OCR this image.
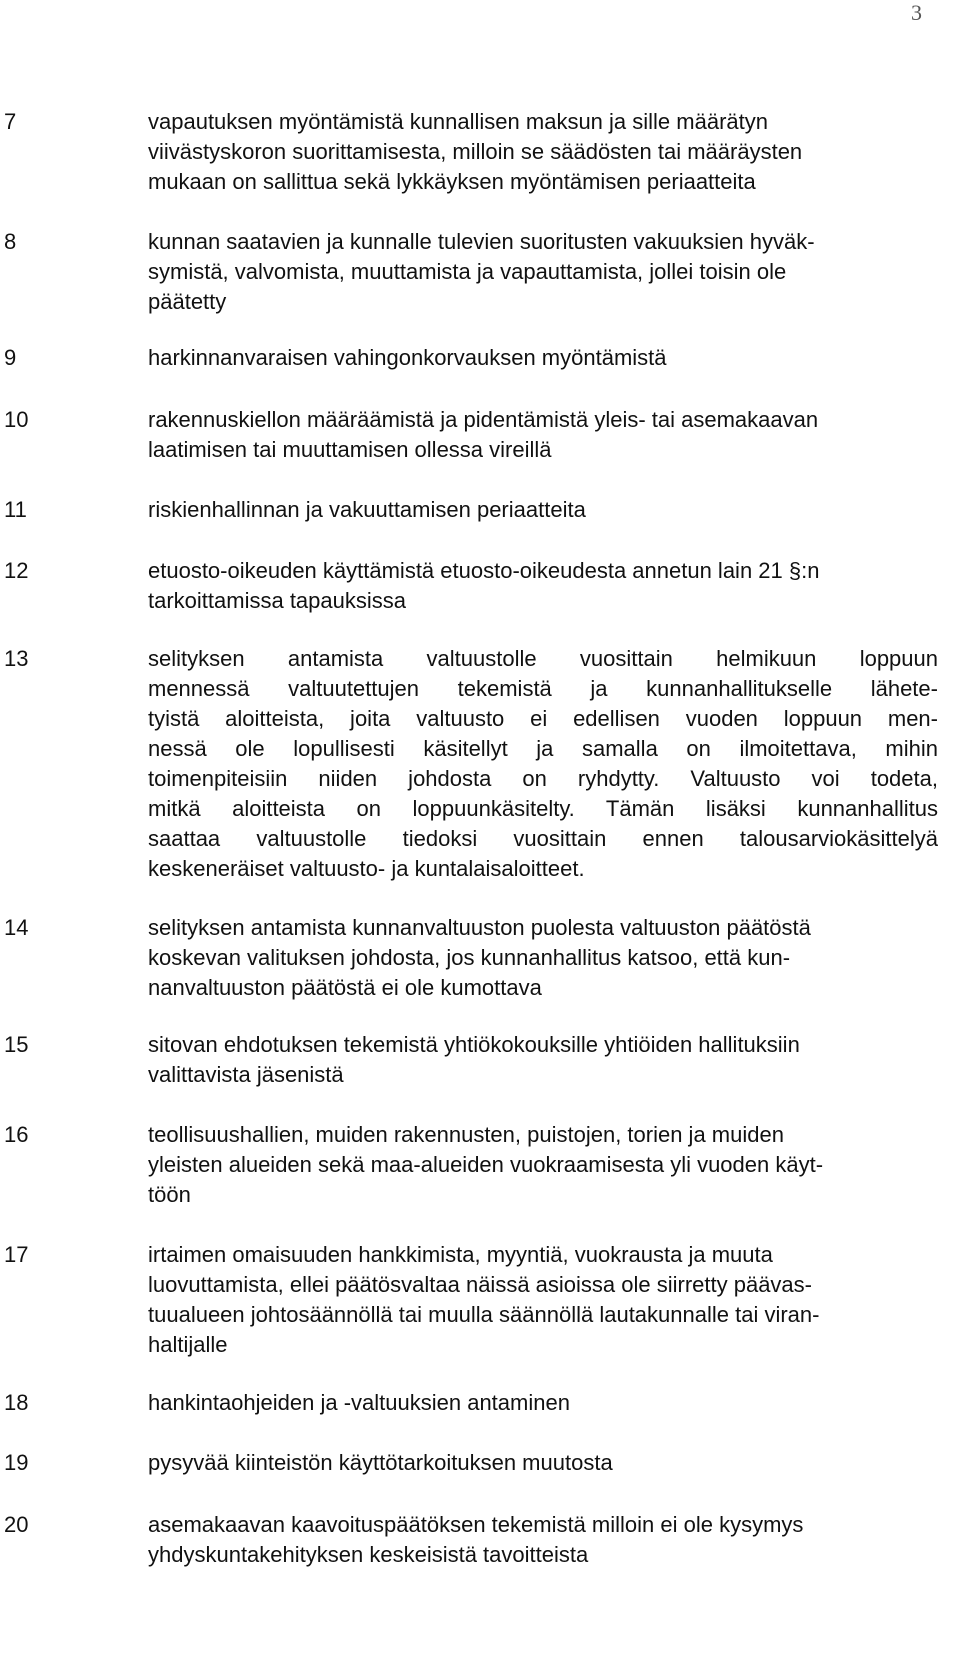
3
7	vapautuksen myöntämistä kunnallisen maksun ja sille määrätyn
viivästyskoron suorittamisesta, milloin se säädösten tai määräysten
mukaan on sallittua sekä lykkäyksen myöntämisen periaatteita
8	kunnan saatavien ja kunnalle tulevien suoritusten vakuuksien hyväk-
symistä, valvomista, muuttamista ja vapauttamista, jollei toisin ole
päätetty
9	harkinnanvaraisen vahingonkorvauksen myöntämistä
10	rakennuskiellon määräämistä ja pidentämistä yleis- tai asemakaavan
laatimisen tai muuttamisen ollessa vireillä
11	riskienhallinnan ja vakuuttamisen periaatteita
12	etuosto-oikeuden käyttämistä etuosto-oikeudesta annetun lain 21 §:n
tarkoittamissa tapauksissa
13	selityksen antamista valtuustolle vuosittain helmikuun loppuun
mennessä valtuutettujen tekemistä ja kunnanhallitukselle lähete-
tyistä aloitteista, joita valtuusto ei edellisen vuoden loppuun men-
nessä ole lopullisesti käsitellyt ja samalla on ilmoitettava, mihin
toimenpiteisiin niiden johdosta on ryhdytty. Valtuusto voi todeta,
mitkä aloitteista on loppuunkäsitelty. Tämän lisäksi kunnanhallitus
saattaa valtuustolle tiedoksi vuosittain ennen talousarviokäsittelyä
keskeneräiset valtuusto- ja kuntalaisaloitteet.
14	selityksen antamista kunnanvaltuuston puolesta valtuuston päätöstä
koskevan valituksen johdosta, jos kunnanhallitus katsoo, että kun-
nanvaltuuston päätöstä ei ole kumottava
15	sitovan ehdotuksen tekemistä yhtiökokouksille yhtiöiden hallituksiin
valittavista jäsenistä
16	teollisuushallien, muiden rakennusten, puistojen, torien ja muiden
yleisten alueiden sekä maa-alueiden vuokraamisesta yli vuoden käyt-
töön
17	irtaimen omaisuuden hankkimista, myyntiä, vuokrausta ja muuta
luovuttamista, ellei päätösvaltaa näissä asioissa ole siirretty päävas-
tuualueen johtosäännöllä tai muulla säännöllä lautakunnalle tai viran-
haltijalle
18	hankintaohjeiden ja -valtuuksien antaminen
19	pysyvää kiinteistön käyttötarkoituksen muutosta
20	asemakaavan kaavoituspäätöksen tekemistä milloin ei ole kysymys
yhdyskuntakehityksen keskeisistä tavoitteista
